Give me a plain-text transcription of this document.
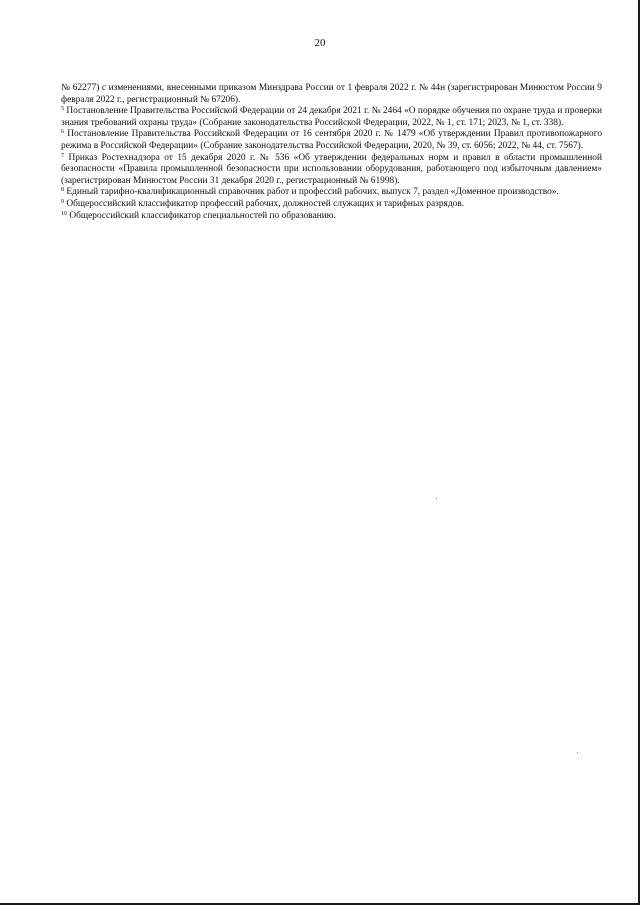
20

№ 62277) с изменениями, внесенными приказом Минздрава России от 1 февраля 2022 г. № 44н (зарегистрирован Минюстом России 9 февраля 2022 г., регистрационный № 67206).

$^5$ Постановление Правительства Российской Федерации от 24 декабря 2021 г. № 2464 «О порядке обучения по охране труда и проверки знания требований охраны труда» (Собрание законодательства Российской Федерации, 2022, № 1, ст. 171; 2023, № 1, ст. 338).

$^6$ Постановление Правительства Российской Федерации от 16 сентября 2020 г. № 1479 «Об утверждении Правил противопожарного режима в Российской Федерации» (Собрание законодательства Российской Федерации, 2020, № 39, ст. 6056; 2022, № 44, ст. 7567).

$^7$ Приказ Ростехнадзора от 15 декабря 2020 г. № 536 «Об утверждении федеральных норм и правил в области промышленной безопасности «Правила промышленной безопасности при использовании оборудования, работающего под избыточным давлением» (зарегистрирован Минюстом России 31 декабря 2020 г., регистрационный № 61998).

$^8$ Единый тарифно-квалификационный справочник работ и профессий рабочих, выпуск 7, раздел «Доменное производство».

$^9$ Общероссийский классификатор профессий рабочих, должностей служащих и тарифных разрядов.

$^{10}$ Общероссийский классификатор специальностей по образованию.
